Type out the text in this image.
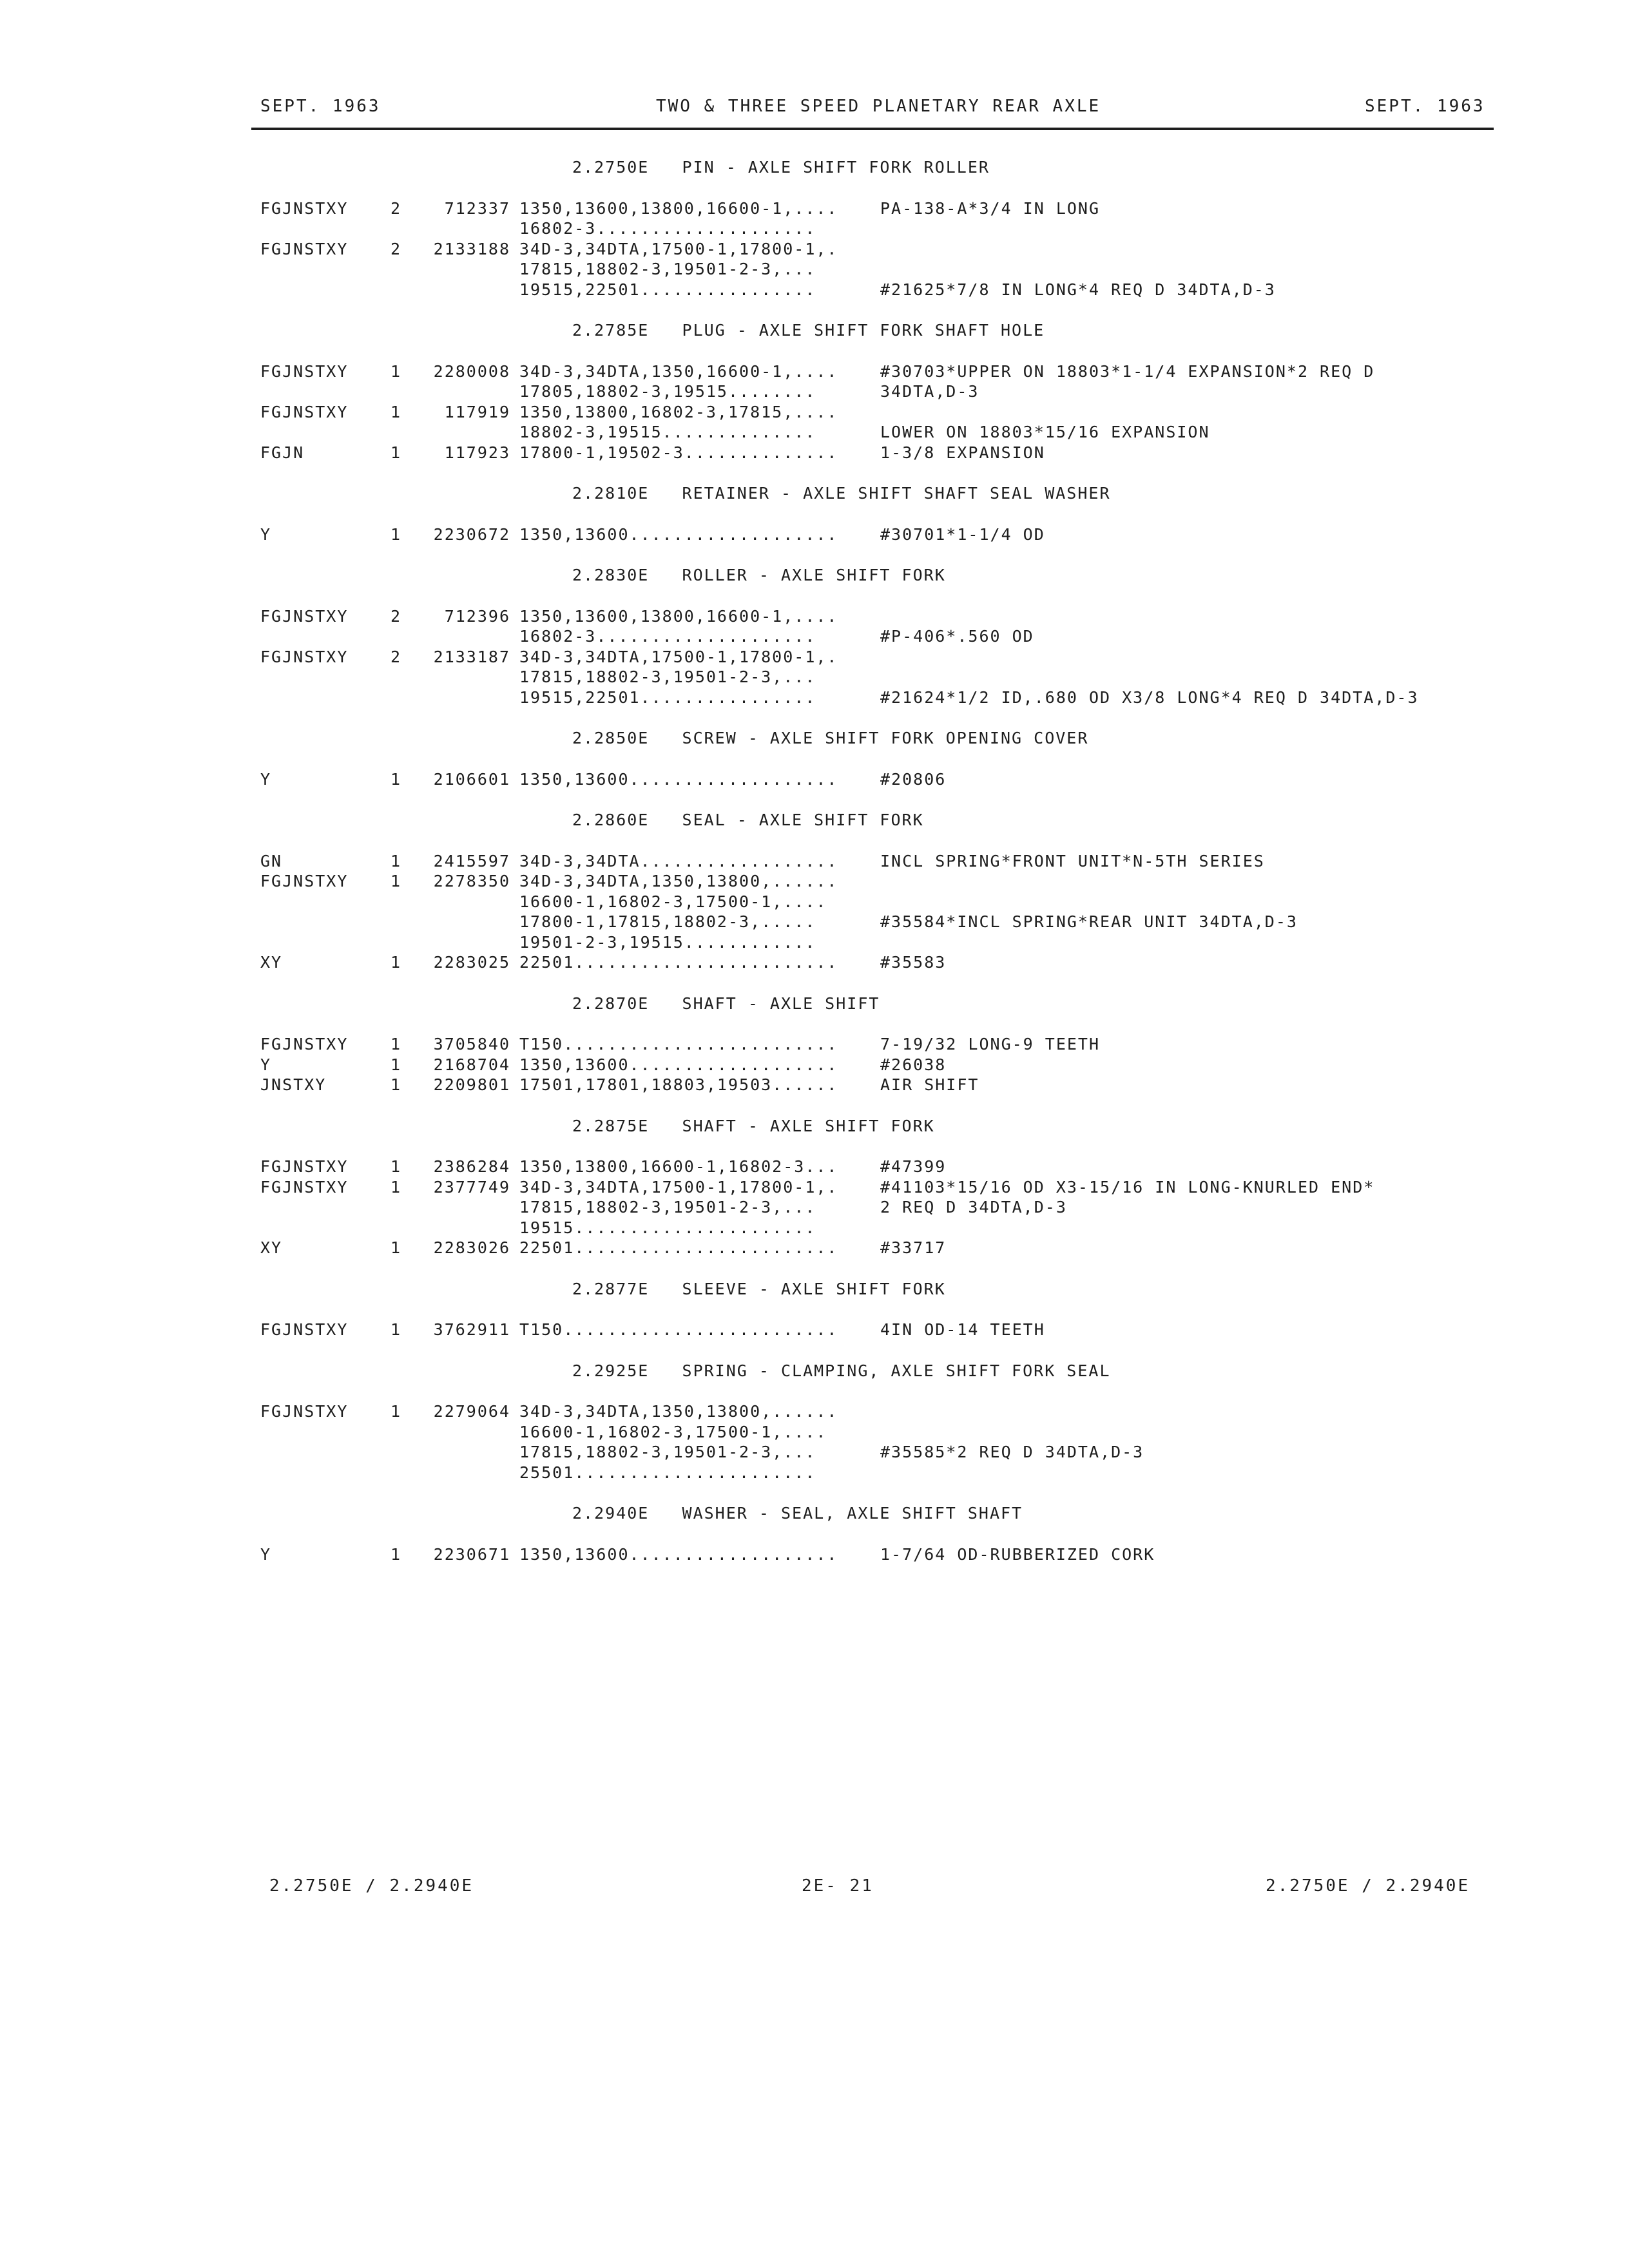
SEPT. 1963	TWO & THREE SPEED PLANETARY REAR AXLE	SEPT. 1963
2.2750E   PIN - AXLE SHIFT FORK ROLLER
FGJNSTXY	2	712337 1350,13600,13800,16600-1,....	PA-138-A*3/4 IN LONG
16802-3....................
FGJNSTXY	2 2133188 34D-3,34DTA,17500-1,17800-1,.
17815,18802-3,19501-2-3,...
19515,22501................	#21625*7/8 IN LONG*4 REQ D 34DTA,D-3
2.2785E   PLUG - AXLE SHIFT FORK SHAFT HOLE
FGJNSTXY	1 2280008 34D-3,34DTA,1350,16600-1,....	#30703*UPPER ON 18803*1-1/4 EXPANSION*2 REQ D
17805,18802-3,19515........	34DTA,D-3
FGJNSTXY	1	117919 1350,13800,16802-3,17815,....
18802-3,19515..............	LOWER ON 18803*15/16 EXPANSION
FGJN	1	117923 17800-1,19502-3..............	1-3/8 EXPANSION
2.2810E   RETAINER - AXLE SHIFT SHAFT SEAL WASHER
Y	1 2230672 1350,13600...................	#30701*1-1/4 OD
2.2830E   ROLLER - AXLE SHIFT FORK
FGJNSTXY	2	712396 1350,13600,13800,16600-1,....
16802-3....................	#P-406*.560 OD
FGJNSTXY	2 2133187 34D-3,34DTA,17500-1,17800-1,.
17815,18802-3,19501-2-3,...
19515,22501................	#21624*1/2 ID,.680 OD X3/8 LONG*4 REQ D 34DTA,D-3
2.2850E   SCREW - AXLE SHIFT FORK OPENING COVER
Y	1 2106601 1350,13600...................	#20806
2.2860E   SEAL - AXLE SHIFT FORK
GN	1 2415597 34D-3,34DTA..................	INCL SPRING*FRONT UNIT*N-5TH SERIES
FGJNSTXY	1 2278350 34D-3,34DTA,1350,13800,......
16600-1,16802-3,17500-1,....
17800-1,17815,18802-3,.....	#35584*INCL SPRING*REAR UNIT 34DTA,D-3
19501-2-3,19515............
XY	1 2283025 22501........................	#35583
2.2870E   SHAFT - AXLE SHIFT
FGJNSTXY	1 3705840 T150.........................	7-19/32 LONG-9 TEETH
Y	1 2168704 1350,13600...................	#26038
JNSTXY	1 2209801 17501,17801,18803,19503......	AIR SHIFT
2.2875E   SHAFT - AXLE SHIFT FORK
FGJNSTXY	1 2386284 1350,13800,16600-1,16802-3...	#47399
FGJNSTXY	1 2377749 34D-3,34DTA,17500-1,17800-1,.	#41103*15/16 OD X3-15/16 IN LONG-KNURLED END*
17815,18802-3,19501-2-3,...	2 REQ D 34DTA,D-3
19515......................
XY	1 2283026 22501........................	#33717
2.2877E   SLEEVE - AXLE SHIFT FORK
FGJNSTXY	1 3762911 T150.........................	4IN OD-14 TEETH
2.2925E   SPRING - CLAMPING, AXLE SHIFT FORK SEAL
FGJNSTXY	1 2279064 34D-3,34DTA,1350,13800,......
16600-1,16802-3,17500-1,....
17815,18802-3,19501-2-3,...	#35585*2 REQ D 34DTA,D-3
25501......................
2.2940E   WASHER - SEAL, AXLE SHIFT SHAFT
Y	1 2230671 1350,13600...................	1-7/64 OD-RUBBERIZED CORK
2.2750E / 2.2940E	2E- 21	2.2750E / 2.2940E
